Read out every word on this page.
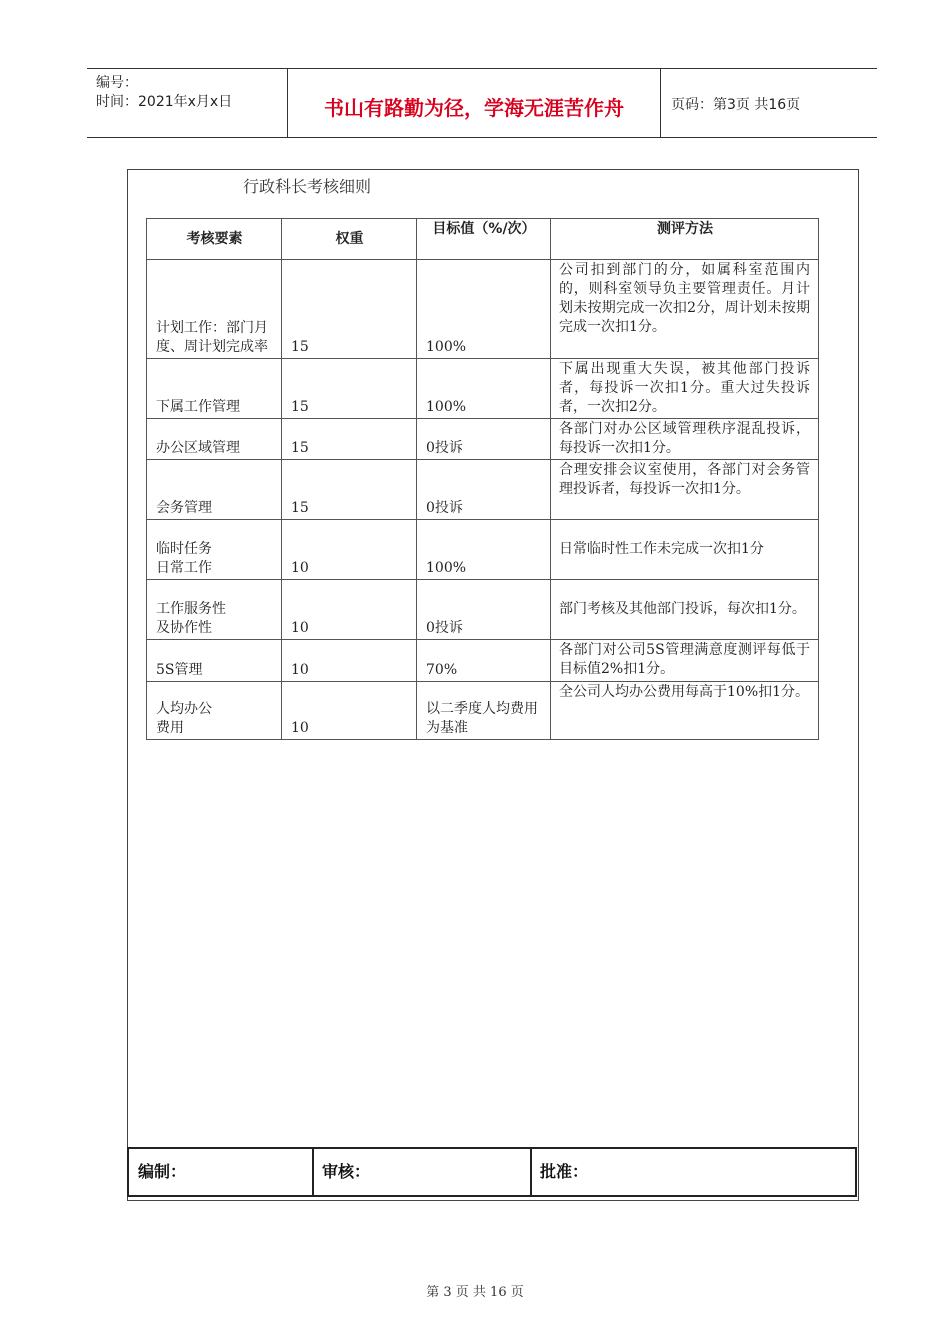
编号：
时间：2021年x月x日	书山有路勤为径，学海无涯苦作舟	页码：第3页 共16页
行政科长考核细则
考核要素	权重	目标值（%/次）	测评方法
计划工作：部门月度、周计划完成率	15	100%	公司扣到部门的分，如属科室范围内的，则科室领导负主要管理责任。月计划未按期完成一次扣2分，周计划未按期完成一次扣1分。
下属工作管理	15	100%	下属出现重大失误，被其他部门投诉者，每投诉一次扣1分。重大过失投诉者，一次扣2分。
办公区域管理	15	0投诉	各部门对办公区域管理秩序混乱投诉，每投诉一次扣1分。
会务管理	15	0投诉	合理安排会议室使用，各部门对会务管理投诉者，每投诉一次扣1分。
临时任务
日常工作	10	100%	日常临时性工作未完成一次扣1分
工作服务性
及协作性	10	0投诉	部门考核及其他部门投诉，每次扣1分。
5S管理	10	70%	各部门对公司5S管理满意度测评每低于目标值2%扣1分。
人均办公
费用	10	以二季度人均费用为基准	全公司人均办公费用每高于10%扣1分。
编制：	审核：	批准：
第 3 页 共 16 页
